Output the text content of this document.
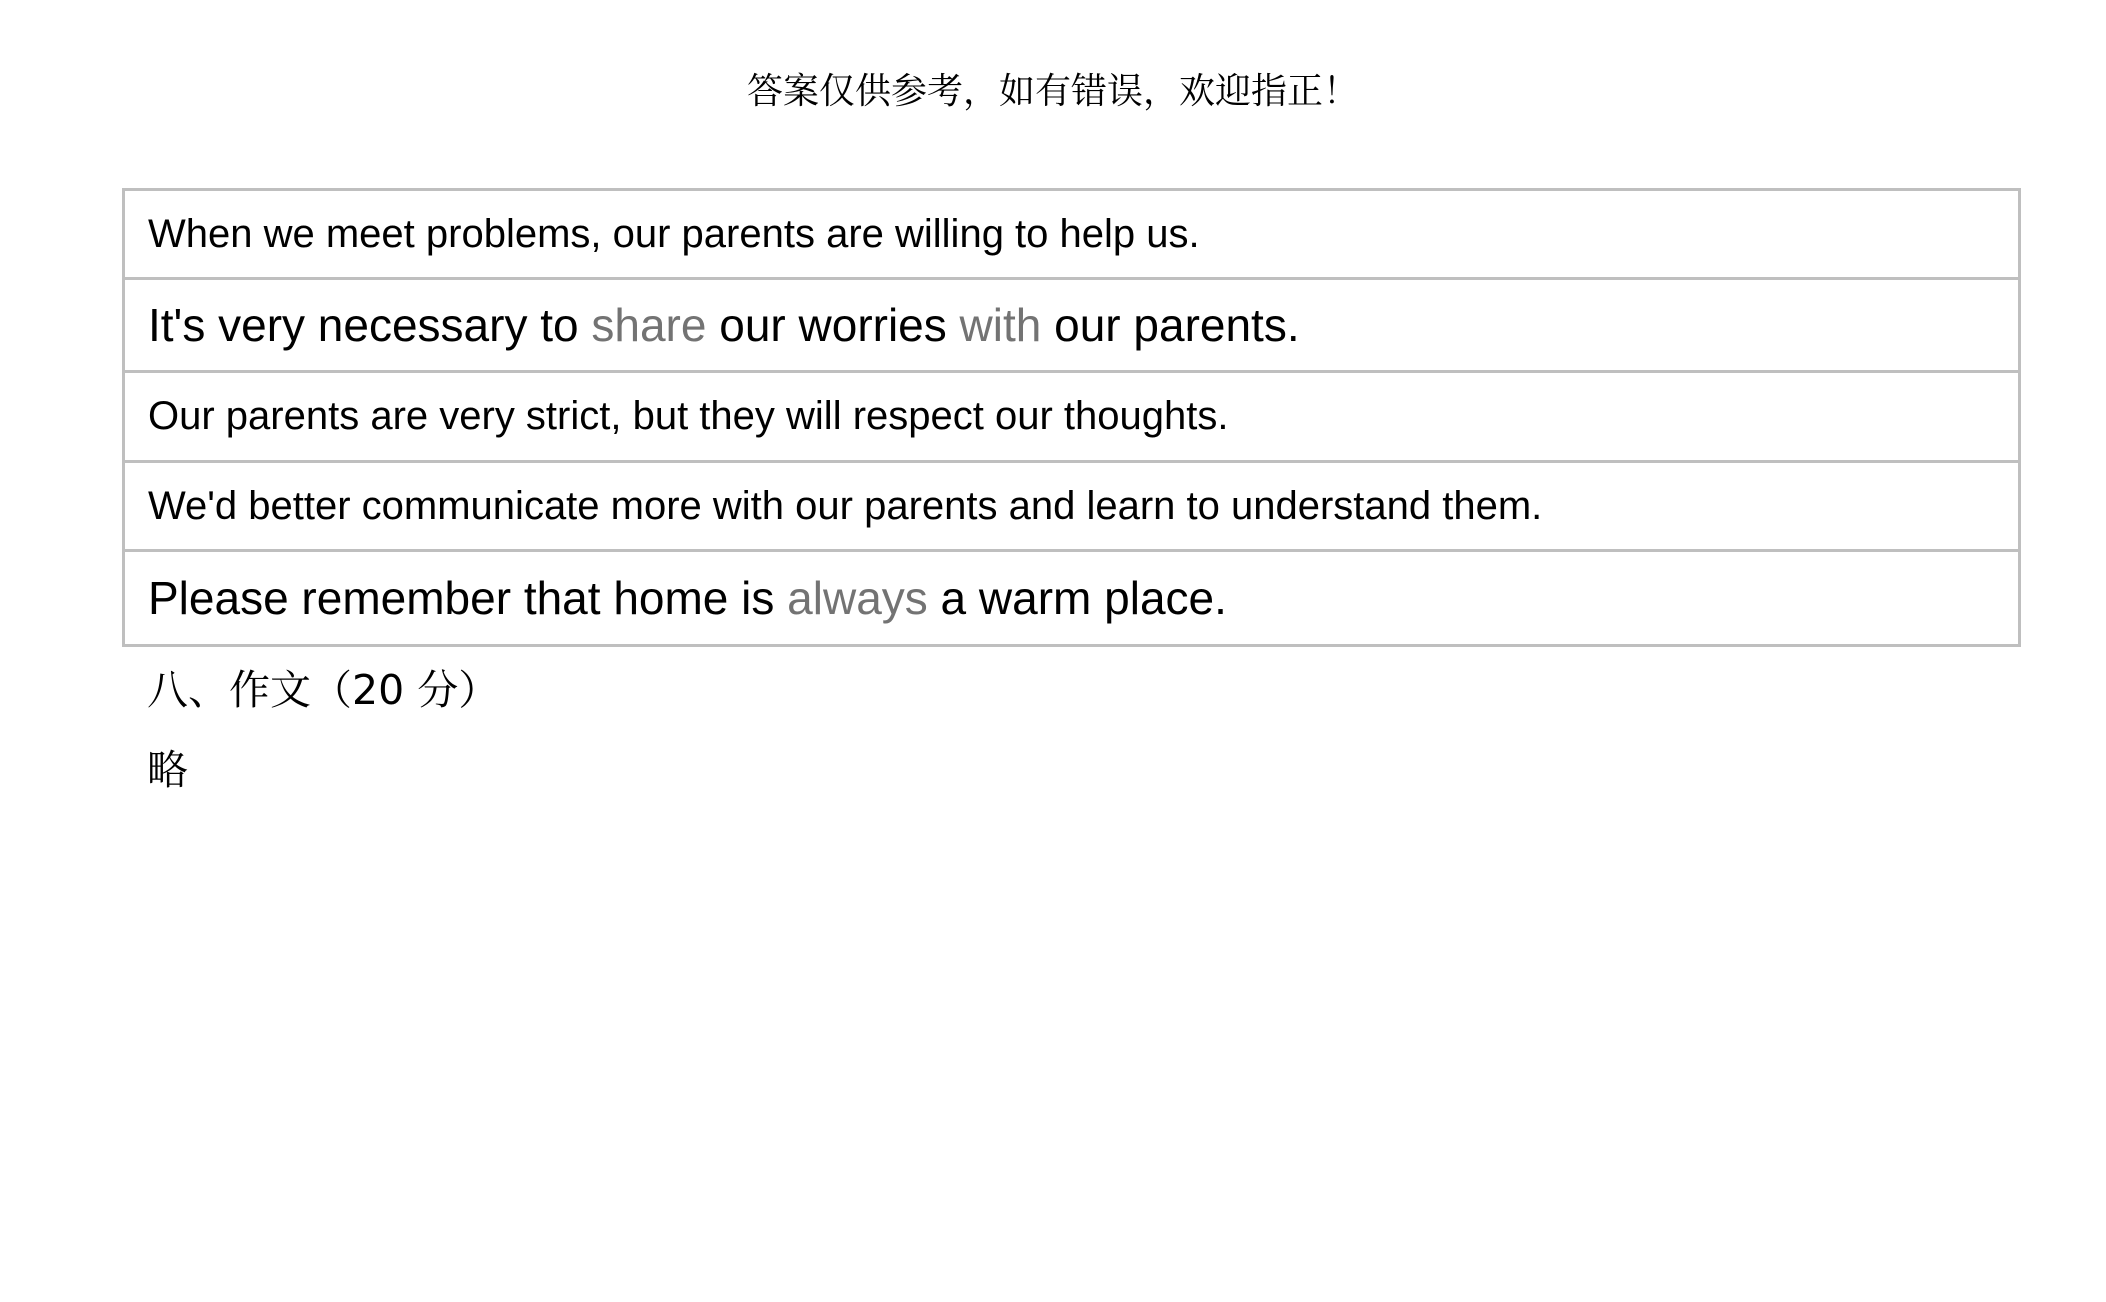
答案仅供参考，如有错误，欢迎指正！
When we meet problems, our parents are willing to help us.
It's very necessary to share our worries with our parents.
Our parents are very strict, but they will respect our thoughts.
We'd better communicate more with our parents and learn to understand them.
Please remember that home is always a warm place.
八、作文（20 分）
略
